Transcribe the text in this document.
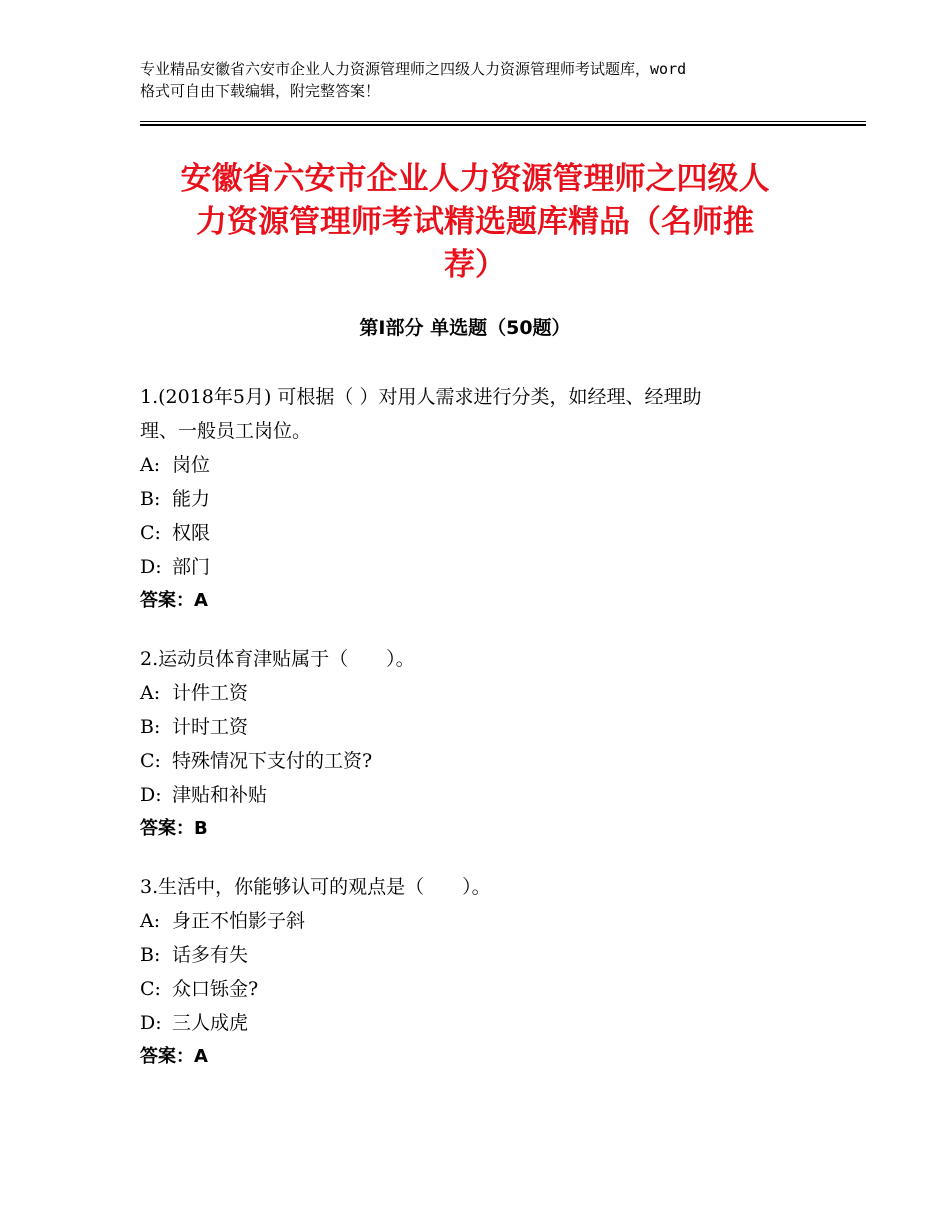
专业精品安徽省六安市企业人力资源管理师之四级人力资源管理师考试题库，word
格式可自由下载编辑，附完整答案！
安徽省六安市企业人力资源管理师之四级人
力资源管理师考试精选题库精品（名师推
荐）
第Ⅰ部分 单选题（50题）
1.(2018年5月) 可根据（ ）对用人需求进行分类，如经理、经理助
理、一般员工岗位。
A: 岗位
B: 能力
C: 权限
D: 部门
答案：A
2.运动员体育津贴属于（　　）。
A: 计件工资
B: 计时工资
C: 特殊情况下支付的工资?
D: 津贴和补贴
答案：B
3.生活中，你能够认可的观点是（　　）。
A: 身正不怕影子斜
B: 话多有失
C: 众口铄金?
D: 三人成虎
答案：A
